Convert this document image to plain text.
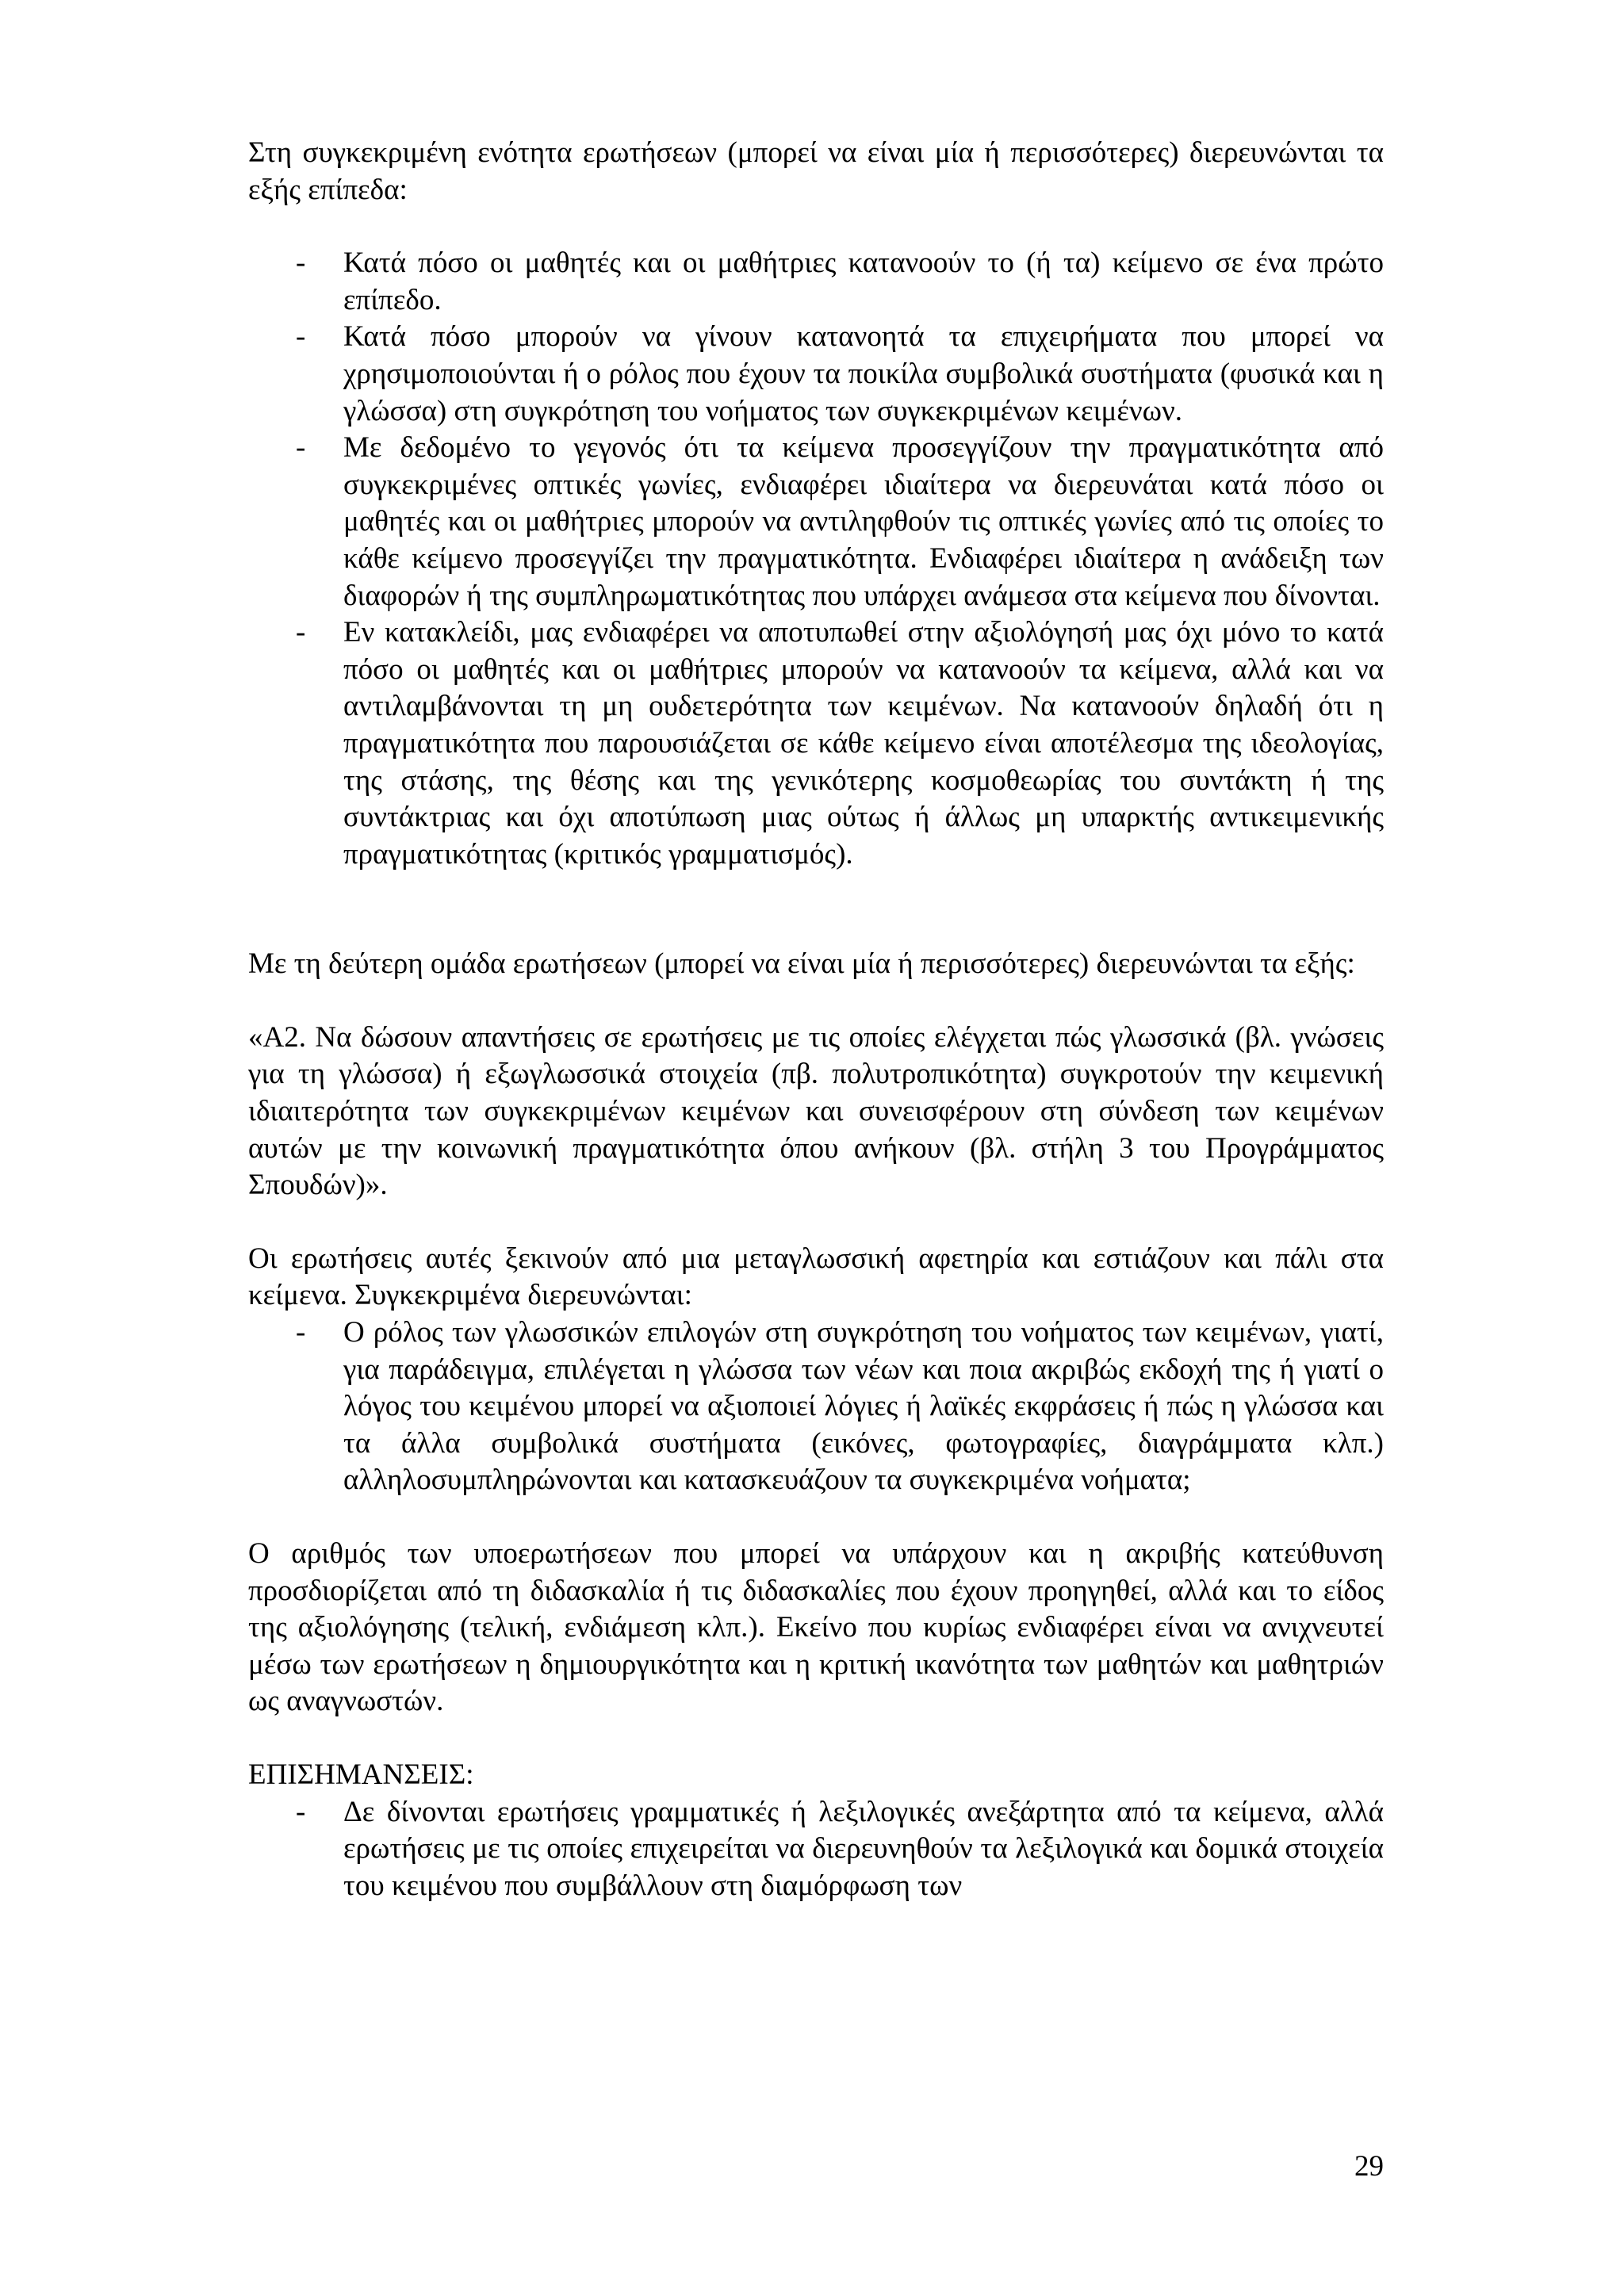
Στη συγκεκριμένη ενότητα ερωτήσεων (μπορεί να είναι μία ή περισσότερες) διερευνώνται τα εξής επίπεδα:

- Κατά πόσο οι μαθητές και οι μαθήτριες κατανοούν το (ή τα) κείμενο σε ένα πρώτο επίπεδο.
- Κατά πόσο μπορούν να γίνουν κατανοητά τα επιχειρήματα που μπορεί να χρησιμοποιούνται ή ο ρόλος που έχουν τα ποικίλα συμβολικά συστήματα (φυσικά και η γλώσσα) στη συγκρότηση του νοήματος των συγκεκριμένων κειμένων.
- Με δεδομένο το γεγονός ότι τα κείμενα προσεγγίζουν την πραγματικότητα από συγκεκριμένες οπτικές γωνίες, ενδιαφέρει ιδιαίτερα να διερευνάται κατά πόσο οι μαθητές και οι μαθήτριες μπορούν να αντιληφθούν τις οπτικές γωνίες από τις οποίες το κάθε κείμενο προσεγγίζει την πραγματικότητα. Ενδιαφέρει ιδιαίτερα η ανάδειξη των διαφορών ή της συμπληρωματικότητας που υπάρχει ανάμεσα στα κείμενα που δίνονται.
- Εν κατακλείδι, μας ενδιαφέρει να αποτυπωθεί στην αξιολόγησή μας όχι μόνο το κατά πόσο οι μαθητές και οι μαθήτριες μπορούν να κατανοούν τα κείμενα, αλλά και να αντιλαμβάνονται τη μη ουδετερότητα των κειμένων. Να κατανοούν δηλαδή ότι η πραγματικότητα που παρουσιάζεται σε κάθε κείμενο είναι αποτέλεσμα της ιδεολογίας, της στάσης, της θέσης και της γενικότερης κοσμοθεωρίας του συντάκτη ή της συντάκτριας και όχι αποτύπωση μιας ούτως ή άλλως μη υπαρκτής αντικειμενικής πραγματικότητας (κριτικός γραμματισμός).

Με τη δεύτερη ομάδα ερωτήσεων (μπορεί να είναι μία ή περισσότερες) διερευνώνται τα εξής:

«Α2. Να δώσουν απαντήσεις σε ερωτήσεις με τις οποίες ελέγχεται πώς γλωσσικά (βλ. γνώσεις για τη γλώσσα) ή εξωγλωσσικά στοιχεία (πβ. πολυτροπικότητα) συγκροτούν την κειμενική ιδιαιτερότητα των συγκεκριμένων κειμένων και συνεισφέρουν στη σύνδεση των κειμένων αυτών με την κοινωνική πραγματικότητα όπου ανήκουν (βλ. στήλη 3 του Προγράμματος Σπουδών)».

Οι ερωτήσεις αυτές ξεκινούν από μια μεταγλωσσική αφετηρία και εστιάζουν και πάλι στα κείμενα. Συγκεκριμένα διερευνώνται:

- Ο ρόλος των γλωσσικών επιλογών στη συγκρότηση του νοήματος των κειμένων, γιατί, για παράδειγμα, επιλέγεται η γλώσσα των νέων και ποια ακριβώς εκδοχή της ή γιατί ο λόγος του κειμένου μπορεί να αξιοποιεί λόγιες ή λαϊκές εκφράσεις ή πώς η γλώσσα και τα άλλα συμβολικά συστήματα (εικόνες, φωτογραφίες, διαγράμματα κλπ.) αλληλοσυμπληρώνονται και κατασκευάζουν τα συγκεκριμένα νοήματα;

Ο αριθμός των υποερωτήσεων που μπορεί να υπάρχουν και η ακριβής κατεύθυνση προσδιορίζεται από τη διδασκαλία ή τις διδασκαλίες που έχουν προηγηθεί, αλλά και το είδος της αξιολόγησης (τελική, ενδιάμεση κλπ.). Εκείνο που κυρίως ενδιαφέρει είναι να ανιχνευτεί μέσω των ερωτήσεων η δημιουργικότητα και η κριτική ικανότητα των μαθητών και μαθητριών ως αναγνωστών.

ΕΠΙΣΗΜΑΝΣΕΙΣ:

- Δε δίνονται ερωτήσεις γραμματικές ή λεξιλογικές ανεξάρτητα από τα κείμενα, αλλά ερωτήσεις με τις οποίες επιχειρείται να διερευνηθούν τα λεξιλογικά και δομικά στοιχεία του κειμένου που συμβάλλουν στη διαμόρφωση των
29
